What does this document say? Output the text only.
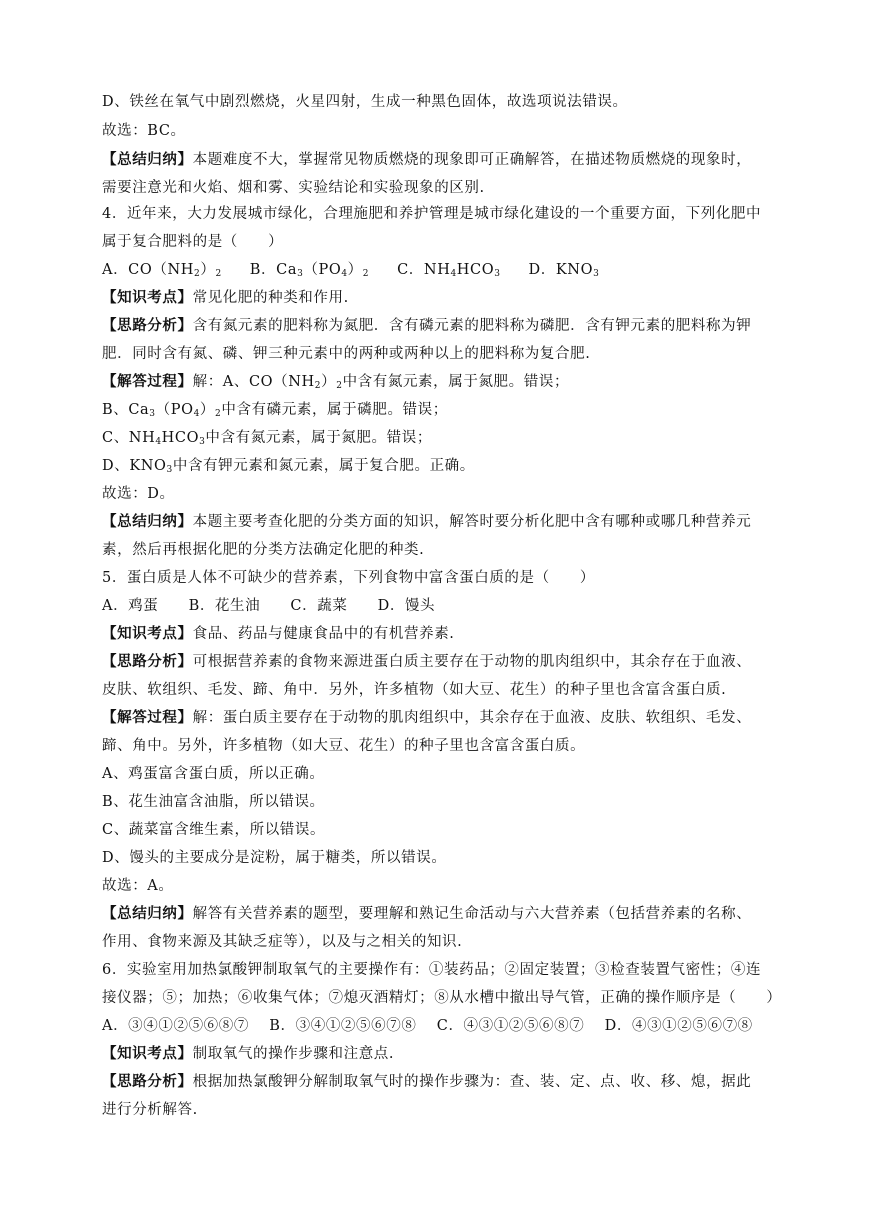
D、铁丝在氧气中剧烈燃烧，火星四射，生成一种黑色固体，故选项说法错误。
故选：BC。
【总结归纳】本题难度不大，掌握常见物质燃烧的现象即可正确解答，在描述物质燃烧的现象时，
需要注意光和火焰、烟和雾、实验结论和实验现象的区别.
4．近年来，大力发展城市绿化，合理施肥和养护管理是城市绿化建设的一个重要方面，下列化肥中
属于复合肥料的是（　　）
A．$CO(NH_2)_2$ B．$Ca_3(PO_4)_2$ C．$NH_4HCO_3$ D．$KNO_3$
【知识考点】常见化肥的种类和作用.
【思路分析】含有氮元素的肥料称为氮肥．含有磷元素的肥料称为磷肥．含有钾元素的肥料称为钾
肥．同时含有氮、磷、钾三种元素中的两种或两种以上的肥料称为复合肥.
【解答过程】解：A、$CO(NH_2)_2$中含有氮元素，属于氮肥。错误；
B、$Ca_3(PO_4)_2$中含有磷元素，属于磷肥。错误；
C、$NH_4HCO_3$中含有氮元素，属于氮肥。错误；
D、$KNO_3$中含有钾元素和氮元素，属于复合肥。正确。
故选：D。
【总结归纳】本题主要考查化肥的分类方面的知识，解答时要分析化肥中含有哪种或哪几种营养元
素，然后再根据化肥的分类方法确定化肥的种类.
5．蛋白质是人体不可缺少的营养素，下列食物中富含蛋白质的是（　　）
A．鸡蛋　　B．花生油　　C．蔬菜　　D．馒头
【知识考点】食品、药品与健康食品中的有机营养素.
【思路分析】可根据营养素的食物来源进蛋白质主要存在于动物的肌肉组织中，其余存在于血液、
皮肤、软组织、毛发、蹄、角中．另外，许多植物（如大豆、花生）的种子里也含富含蛋白质.
【解答过程】解：蛋白质主要存在于动物的肌肉组织中，其余存在于血液、皮肤、软组织、毛发、
蹄、角中。另外，许多植物（如大豆、花生）的种子里也含富含蛋白质。
A、鸡蛋富含蛋白质，所以正确。
B、花生油富含油脂，所以错误。
C、蔬菜富含维生素，所以错误。
D、馒头的主要成分是淀粉，属于糖类，所以错误。
故选：A。
【总结归纳】解答有关营养素的题型，要理解和熟记生命活动与六大营养素（包括营养素的名称、
作用、食物来源及其缺乏症等），以及与之相关的知识.
6．实验室用加热氯酸钾制取氧气的主要操作有：①装药品；②固定装置；③检查装置气密性；④连
接仪器；⑤；加热；⑥收集气体；⑦熄灭酒精灯；⑧从水槽中撤出导气管，正确的操作顺序是（　　）
A．③④①②⑤⑥⑧⑦　 B．③④①②⑤⑥⑦⑧　 C．④③①②⑤⑥⑧⑦　 D．④③①②⑤⑥⑦⑧
【知识考点】制取氧气的操作步骤和注意点.
【思路分析】根据加热氯酸钾分解制取氧气时的操作步骤为：查、装、定、点、收、移、熄，据此
进行分析解答.
